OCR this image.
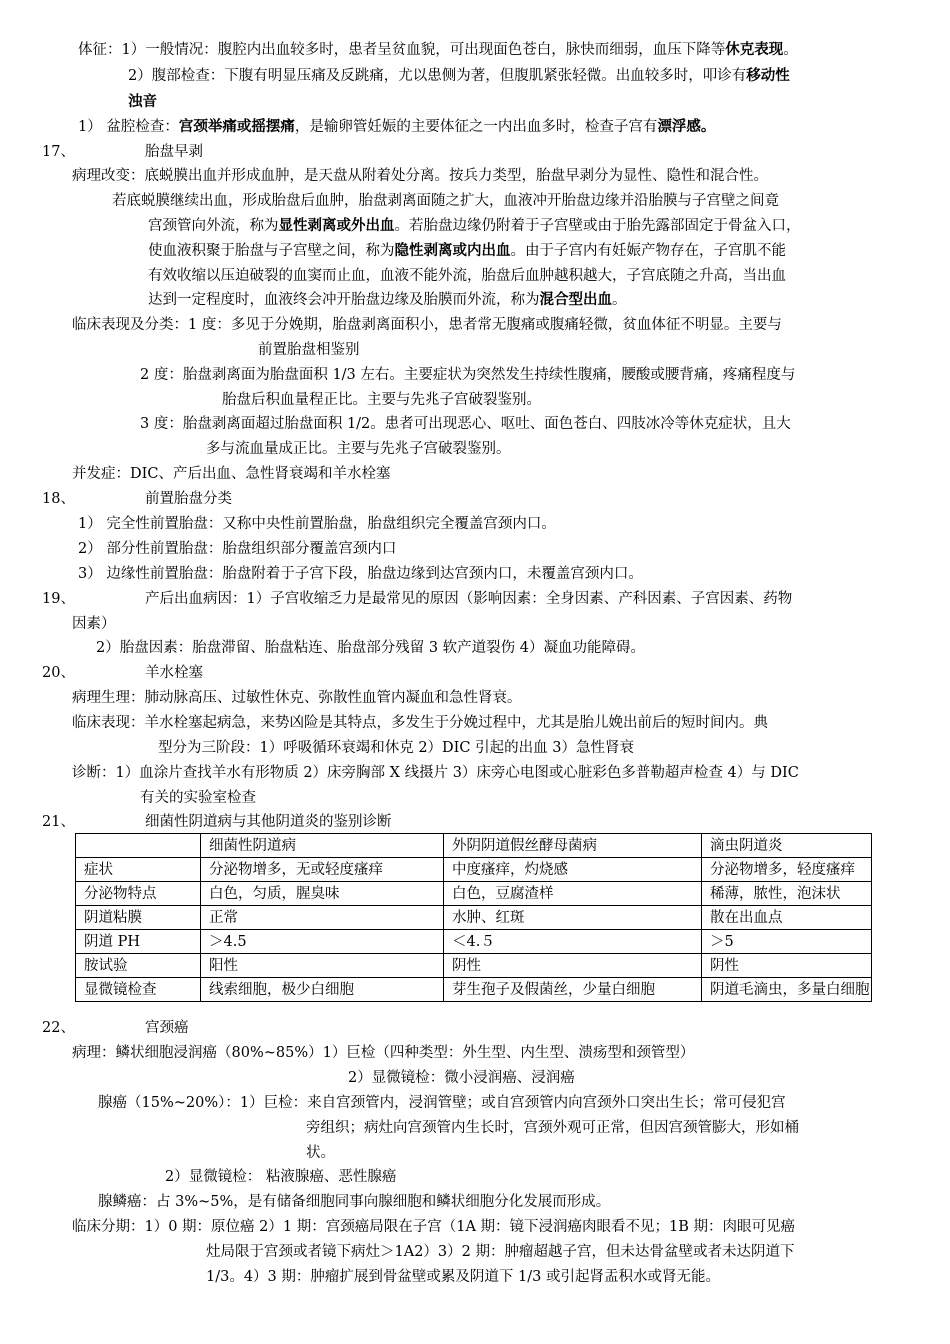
体征：1）一般情况：腹腔内出血较多时，患者呈贫血貌，可出现面色苍白，脉快而细弱，血压下降等休克表现。
2）腹部检查：下腹有明显压痛及反跳痛，尤以患侧为著，但腹肌紧张轻微。出血较多时，叩诊有移动性
浊音
1） 盆腔检查：宫颈举痛或摇摆痛，是输卵管妊娠的主要体征之一内出血多时，检查子宫有漂浮感。
17、	胎盘早剥
病理改变：底蜕膜出血并形成血肿，是天盘从附着处分离。按兵力类型，胎盘早剥分为显性、隐性和混合性。
若底蜕膜继续出血，形成胎盘后血肿，胎盘剥离面随之扩大，血液冲开胎盘边缘并沿胎膜与子宫壁之间竟
宫颈管向外流，称为显性剥离或外出血。若胎盘边缘仍附着于子宫壁或由于胎先露部固定于骨盆入口，
使血液积聚于胎盘与子宫壁之间，称为隐性剥离或内出血。由于子宫内有妊娠产物存在，子宫肌不能
有效收缩以压迫破裂的血窦而止血，血液不能外流，胎盘后血肿越积越大，子宫底随之升高，当出血
达到一定程度时，血液终会冲开胎盘边缘及胎膜而外流，称为混合型出血。
临床表现及分类：1 度：多见于分娩期，胎盘剥离面积小，患者常无腹痛或腹痛轻微，贫血体征不明显。主要与
前置胎盘相鉴别
2 度：胎盘剥离面为胎盘面积 1/3 左右。主要症状为突然发生持续性腹痛，腰酸或腰背痛，疼痛程度与
胎盘后积血量程正比。主要与先兆子宫破裂鉴别。
3 度：胎盘剥离面超过胎盘面积 1/2。患者可出现恶心、呕吐、面色苍白、四肢冰冷等休克症状，且大
多与流血量成正比。主要与先兆子宫破裂鉴别。
并发症：DIC、产后出血、急性肾衰竭和羊水栓塞
18、	前置胎盘分类
1） 完全性前置胎盘：又称中央性前置胎盘，胎盘组织完全覆盖宫颈内口。
2） 部分性前置胎盘：胎盘组织部分覆盖宫颈内口
3） 边缘性前置胎盘：胎盘附着于子宫下段，胎盘边缘到达宫颈内口，未覆盖宫颈内口。
19、	产后出血病因：1）子宫收缩乏力是最常见的原因（影响因素：全身因素、产科因素、子宫因素、药物
因素）
2）胎盘因素：胎盘滞留、胎盘粘连、胎盘部分残留 3 软产道裂伤 4）凝血功能障碍。
20、	羊水栓塞
病理生理：肺动脉高压、过敏性休克、弥散性血管内凝血和急性肾衰。
临床表现：羊水栓塞起病急，来势凶险是其特点，多发生于分娩过程中，尤其是胎儿娩出前后的短时间内。典
型分为三阶段：1）呼吸循环衰竭和休克 2）DIC 引起的出血 3）急性肾衰
诊断：1）血涂片查找羊水有形物质 2）床旁胸部 X 线摄片 3）床旁心电图或心脏彩色多普勒超声检查 4）与 DIC
有关的实验室检查
21、	细菌性阴道病与其他阴道炎的鉴别诊断
	细菌性阴道病	外阴阴道假丝酵母菌病	滴虫阴道炎
症状	分泌物增多，无或轻度瘙痒	中度瘙痒，灼烧感	分泌物增多，轻度瘙痒
分泌物特点	白色，匀质，腥臭味	白色，豆腐渣样	稀薄，脓性，泡沫状
阴道粘膜	正常	水肿、红斑	散在出血点
阴道 PH	＞4.5	＜4.５	＞5
胺试验	阳性	阴性	阴性
显微镜检查	线索细胞，极少白细胞	芽生孢子及假菌丝，少量白细胞	阴道毛滴虫，多量白细胞
22、	宫颈癌
病理：鳞状细胞浸润癌（80%~85%）1）巨检（四种类型：外生型、内生型、溃疡型和颈管型）
2）显微镜检：微小浸润癌、浸润癌
腺癌（15%~20%）：1）巨检：来自宫颈管内，浸润管壁；或自宫颈管内向宫颈外口突出生长；常可侵犯宫
旁组织；病灶向宫颈管内生长时，宫颈外观可正常，但因宫颈管膨大，形如桶
状。
2）显微镜检： 粘液腺癌、恶性腺癌
腺鳞癌：占 3%~5%，是有储备细胞同事向腺细胞和鳞状细胞分化发展而形成。
临床分期：1）0 期：原位癌 2）1 期：宫颈癌局限在子宫（1A 期：镜下浸润癌肉眼看不见；1B 期：肉眼可见癌
灶局限于宫颈或者镜下病灶＞1A2）3）2 期：肿瘤超越子宫，但未达骨盆壁或者未达阴道下
1/3。4）3 期：肿瘤扩展到骨盆壁或累及阴道下 1/3 或引起肾盂积水或肾无能。
